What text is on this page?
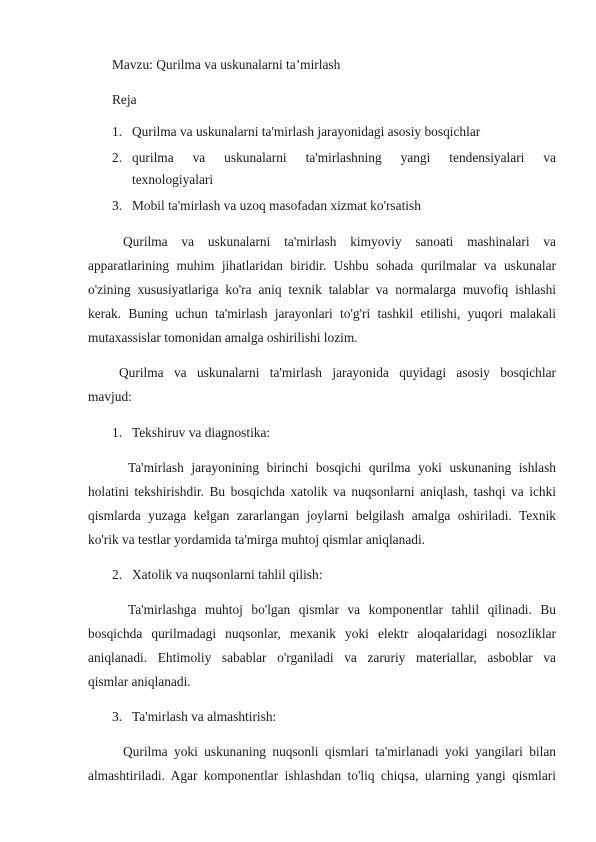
Mavzu: Qurilma va uskunalarni ta’mirlash
Reja
1. Qurilma va uskunalarni ta'mirlash jarayonidagi asosiy bosqichlar
2. qurilma va uskunalarni ta'mirlashning yangi tendensiyalari va
texnologiyalari
3. Mobil ta'mirlash va uzoq masofadan xizmat ko'rsatish
Qurilma va uskunalarni ta'mirlash kimyoviy sanoati mashinalari va
apparatlarining muhim jihatlaridan biridir. Ushbu sohada qurilmalar va uskunalar
o'zining xususiyatlariga ko'ra aniq texnik talablar va normalarga muvofiq ishlashi
kerak. Buning uchun ta'mirlash jarayonlari to'g'ri tashkil etilishi, yuqori malakali
mutaxassislar tomonidan amalga oshirilishi lozim.
Qurilma va uskunalarni ta'mirlash jarayonida quyidagi asosiy bosqichlar
mavjud:
1. Tekshiruv va diagnostika:
Ta'mirlash jarayonining birinchi bosqichi qurilma yoki uskunaning ishlash
holatini tekshirishdir. Bu bosqichda xatolik va nuqsonlarni aniqlash, tashqi va ichki
qismlarda yuzaga kelgan zararlangan joylarni belgilash amalga oshiriladi. Texnik
ko'rik va testlar yordamida ta'mirga muhtoj qismlar aniqlanadi.
2. Xatolik va nuqsonlarni tahlil qilish:
Ta'mirlashga muhtoj bo'lgan qismlar va komponentlar tahlil qilinadi. Bu
bosqichda qurilmadagi nuqsonlar, mexanik yoki elektr aloqalaridagi nosozliklar
aniqlanadi. Ehtimoliy sabablar o'rganiladi va zaruriy materiallar, asboblar va
qismlar aniqlanadi.
3. Ta'mirlash va almashtirish:
Qurilma yoki uskunaning nuqsonli qismlari ta'mirlanadi yoki yangilari bilan
almashtiriladi. Agar komponentlar ishlashdan to'liq chiqsa, ularning yangi qismlari
